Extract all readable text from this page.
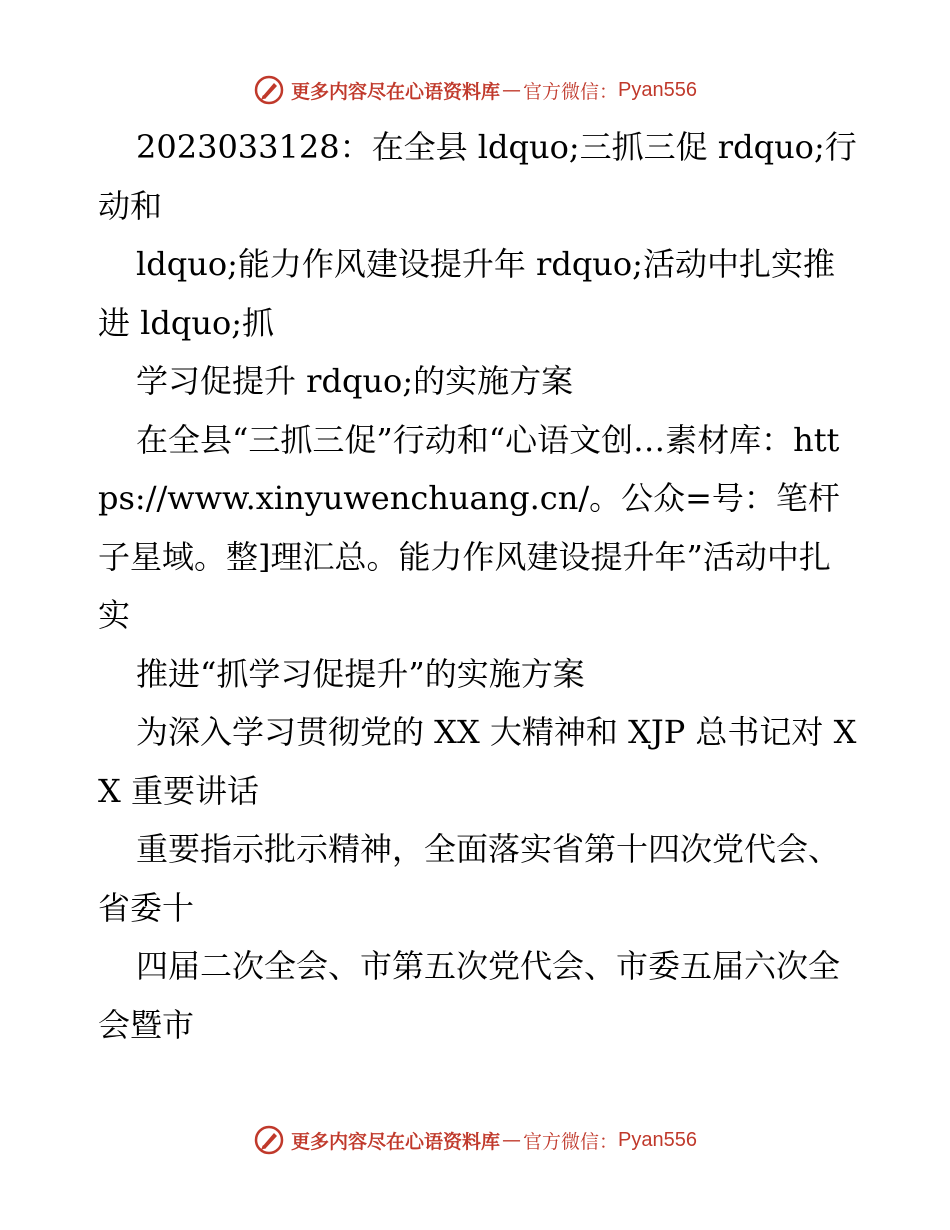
更多内容尽在心语资料库 — 官方微信： Pyan556

2023033128：在全县 ldquo;三抓三促 rdquo;行动和

ldquo;能力作风建设提升年 rdquo;活动中扎实推进 ldquo;抓

学习促提升 rdquo;的实施方案

在全县“三抓三促”行动和“心语文创…素材库：https://www.xinyuwenchuang.cn/。公众=号：笔杆子星域。整]理汇总。能力作风建设提升年”活动中扎实

推进“抓学习促提升”的实施方案

为深入学习贯彻党的 XX 大精神和 XJP 总书记对 XX 重要讲话

重要指示批示精神，全面落实省第十四次党代会、省委十

四届二次全会、市第五次党代会、市委五届六次全会暨市

更多内容尽在心语资料库 — 官方微信： Pyan556
